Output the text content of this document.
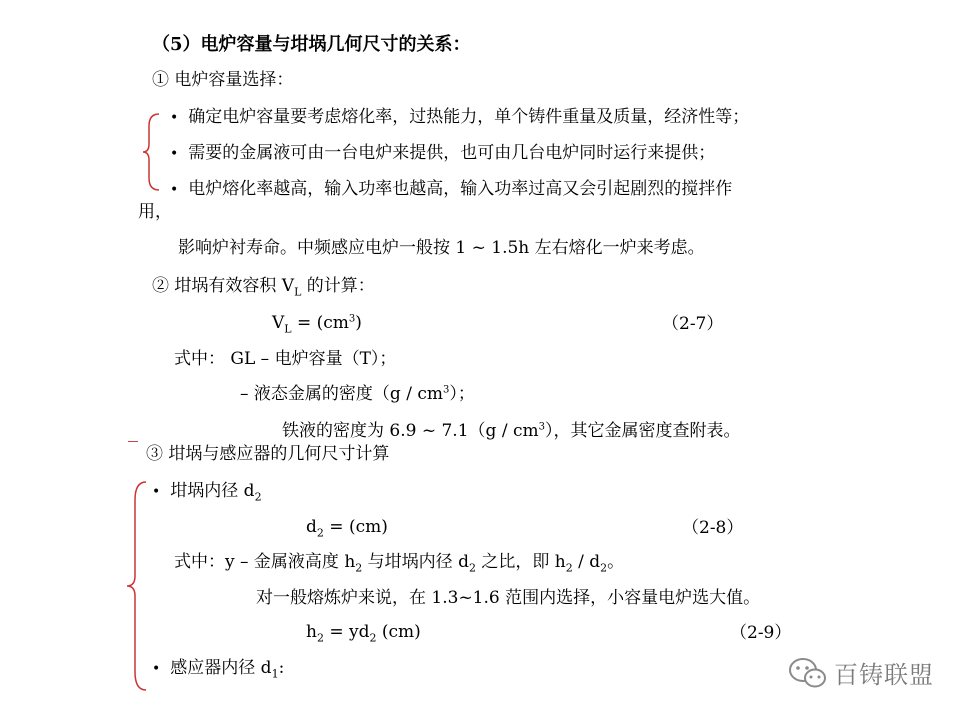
（5）电炉容量与坩埚几何尺寸的关系：
① 电炉容量选择：
• 确定电炉容量要考虑熔化率，过热能力，单个铸件重量及质量，经济性等；
• 需要的金属液可由一台电炉来提供，也可由几台电炉同时运行来提供；
• 电炉熔化率越高，输入功率也越高，输入功率过高又会引起剧烈的搅拌作
用，
影响炉衬寿命。中频感应电炉一般按 1 ~ 1.5h 左右熔化一炉来考虑。
② 坩埚有效容积 $V_L$ 的计算：
$V_L = (cm^3)$	（2-7）
式中： GL – 电炉容量（T）；
– 液态金属的密度$(g / cm^3)$；
铁液的密度为 6.9 ~ $7.1(g / cm^3)$，其它金属密度查附表。
③ 坩埚与感应器的几何尺寸计算
• 坩埚内径 $d_2$
$d_2 = (cm)$	（2-8）
式中：y – 金属液高度 $h_2$ 与坩埚内径 $d_2$ 之比，即 $h_2 / d_2$。
对一般熔炼炉来说，在 1.3~1.6 范围内选择，小容量电炉选大值。
$h_2 = yd_2$ (cm)	（2-9）
• 感应器内径 $d_1$:	百铸联盟
